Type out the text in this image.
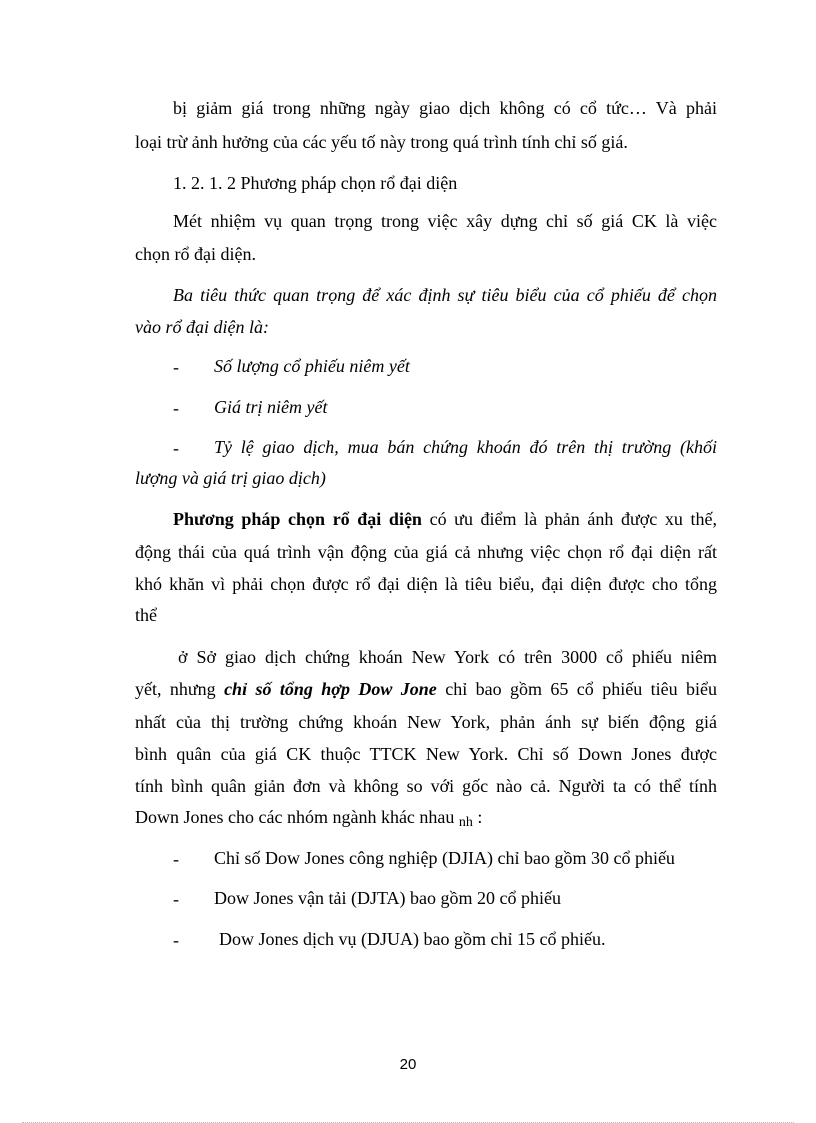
bị giảm giá trong những ngày giao dịch không có cổ tức… Và phải
loại trừ ảnh hưởng của các yếu tố này trong quá trình tính chỉ số giá.
1. 2. 1. 2 Phương pháp chọn rổ đại diện
Mét nhiệm vụ quan trọng trong việc xây dựng chỉ số giá CK là việc
chọn rổ đại diện.
Ba tiêu thức quan trọng để xác định sự tiêu biểu của cổ phiếu để chọn
vào rổ đại diện là:
- Số lượng cổ phiếu niêm yết
- Giá trị niêm yết
- Tỷ lệ giao dịch, mua bán chứng khoán đó trên thị trường (khối
lượng và giá trị giao dịch)
Phương pháp chọn rổ đại diện có ưu điểm là phản ánh được xu thế,
động thái của quá trình vận động của giá cả nhưng việc chọn rổ đại diện rất
khó khăn vì phải chọn được rổ đại diện là tiêu biểu, đại diện được cho tổng
thể
ở Sở giao dịch chứng khoán New York có trên 3000 cổ phiếu niêm
yết, nhưng chỉ số tổng hợp Dow Jone chỉ bao gồm 65 cổ phiếu tiêu biểu
nhất của thị trường chứng khoán New York, phản ánh sự biến động giá
bình quân của giá CK thuộc TTCK New York. Chỉ số Down Jones được
tính bình quân giản đơn và không so với gốc nào cả. Người ta có thể tính
Down Jones cho các nhóm ngành khác nhau nh :
- Chỉ số Dow Jones công nghiệp (DJIA) chỉ bao gồm 30 cổ phiếu
- Dow Jones vận tải (DJTA) bao gồm 20 cổ phiếu
- Dow Jones dịch vụ (DJUA) bao gồm chỉ 15 cổ phiếu.
20
